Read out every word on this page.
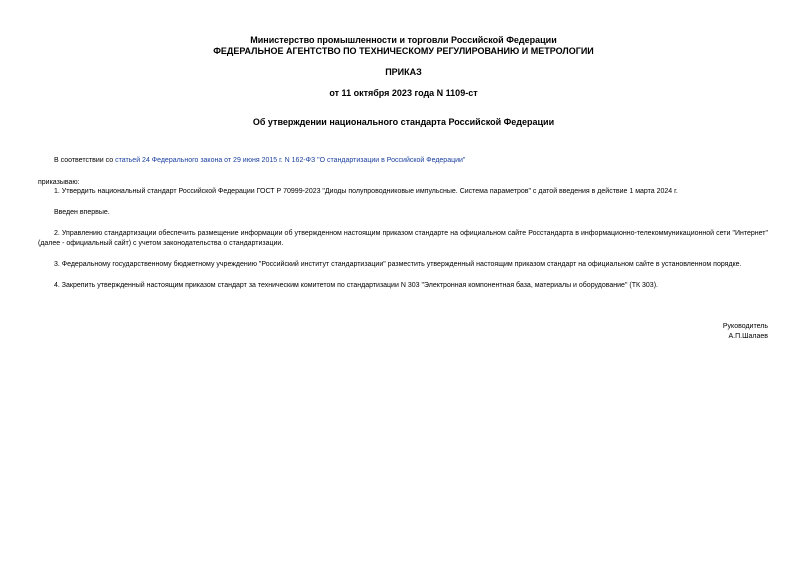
Министерство промышленности и торговли Российской Федерации
ФЕДЕРАЛЬНОЕ АГЕНТСТВО ПО ТЕХНИЧЕСКОМУ РЕГУЛИРОВАНИЮ И МЕТРОЛОГИИ
ПРИКАЗ
от 11 октября 2023 года N 1109-ст
Об утверждении национального стандарта Российской Федерации
В соответствии со статьей 24 Федерального закона от 29 июня 2015 г. N 162-ФЗ "О стандартизации в Российской Федерации"
приказываю:
1. Утвердить национальный стандарт Российской Федерации ГОСТ Р 70999-2023 "Диоды полупроводниковые импульсные. Система параметров" с датой введения в действие 1 марта 2024 г.
Введен впервые.
2. Управлению стандартизации обеспечить размещение информации об утвержденном настоящим приказом стандарте на официальном сайте Росстандарта в информационно-телекоммуникационной сети "Интернет" (далее - официальный сайт) с учетом законодательства о стандартизации.
3. Федеральному государственному бюджетному учреждению "Российский институт стандартизации" разместить утвержденный настоящим приказом стандарт на официальном сайте в установленном порядке.
4. Закрепить утвержденный настоящим приказом стандарт за техническим комитетом по стандартизации N 303 "Электронная компонентная база, материалы и оборудование" (ТК 303).
Руководитель
А.П.Шалаев
